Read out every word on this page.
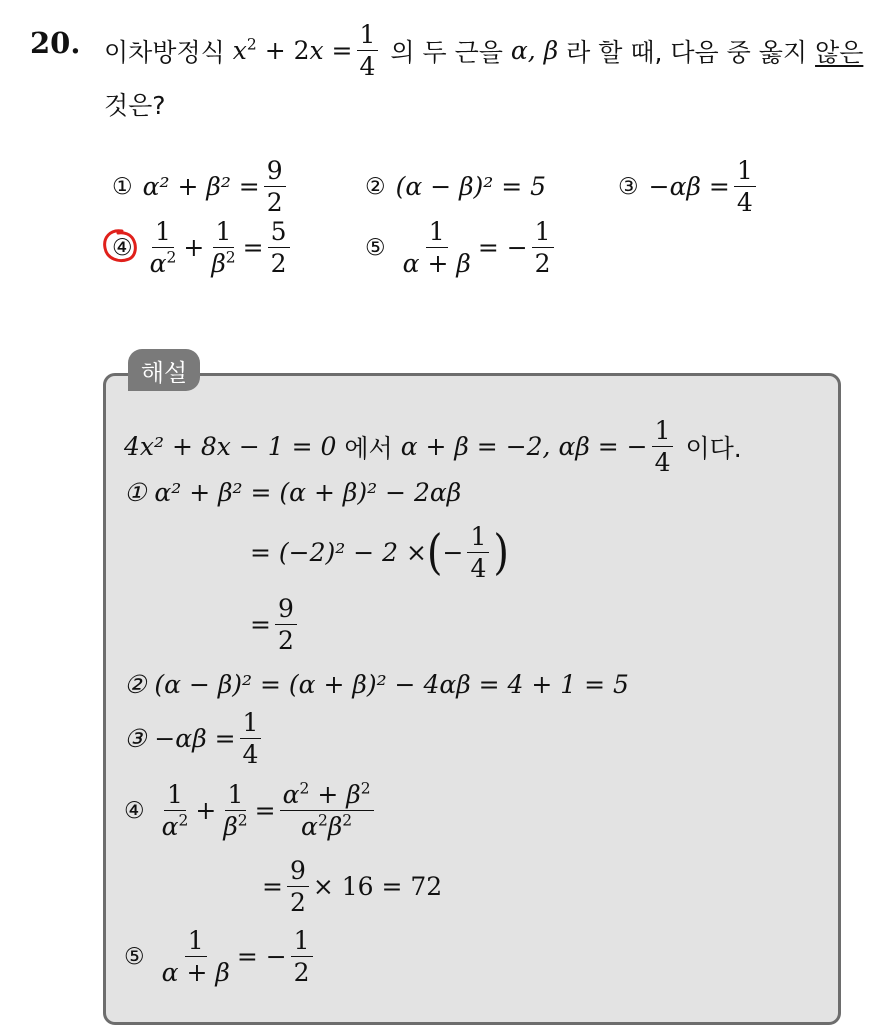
20. 이차방정식 $x^2 + 2x = \frac{1}{4}$ 의 두 근을 α, β 라 할 때, 다음 중 옳지 않은
것은?
① $\alpha^2 + \beta^2 = \frac{9}{2}$	② (α − β)² = 5	③ $-\alpha\beta = \frac{1}{4}$
④ $\frac{1}{\alpha^2} + \frac{1}{\beta^2} = \frac{5}{2}$	⑤ $\frac{1}{\alpha + \beta}$ = − $\frac{1}{2}$
해설
4x² + 8x − 1 = 0 에서 α + β = −2, αβ = − $\frac{1}{4}$ 이다.
① α² + β² = (α + β)² − 2αβ
= (−2)² − 2 × ( − $\frac{1}{4}$ )
= $\frac{9}{2}$
② (α − β)² = (α + β)² − 4αβ = 4 + 1 = 5
③ $-\alpha\beta = \frac{1}{4}$
④ $\frac{1}{\alpha^2} + \frac{1}{\beta^2} = \frac{\alpha^2 + \beta^2}{\alpha^2\beta^2}$
= $\frac{9}{2} \times 16 = 72$
⑤ $\frac{1}{\alpha + \beta}$ = − $\frac{1}{2}$
